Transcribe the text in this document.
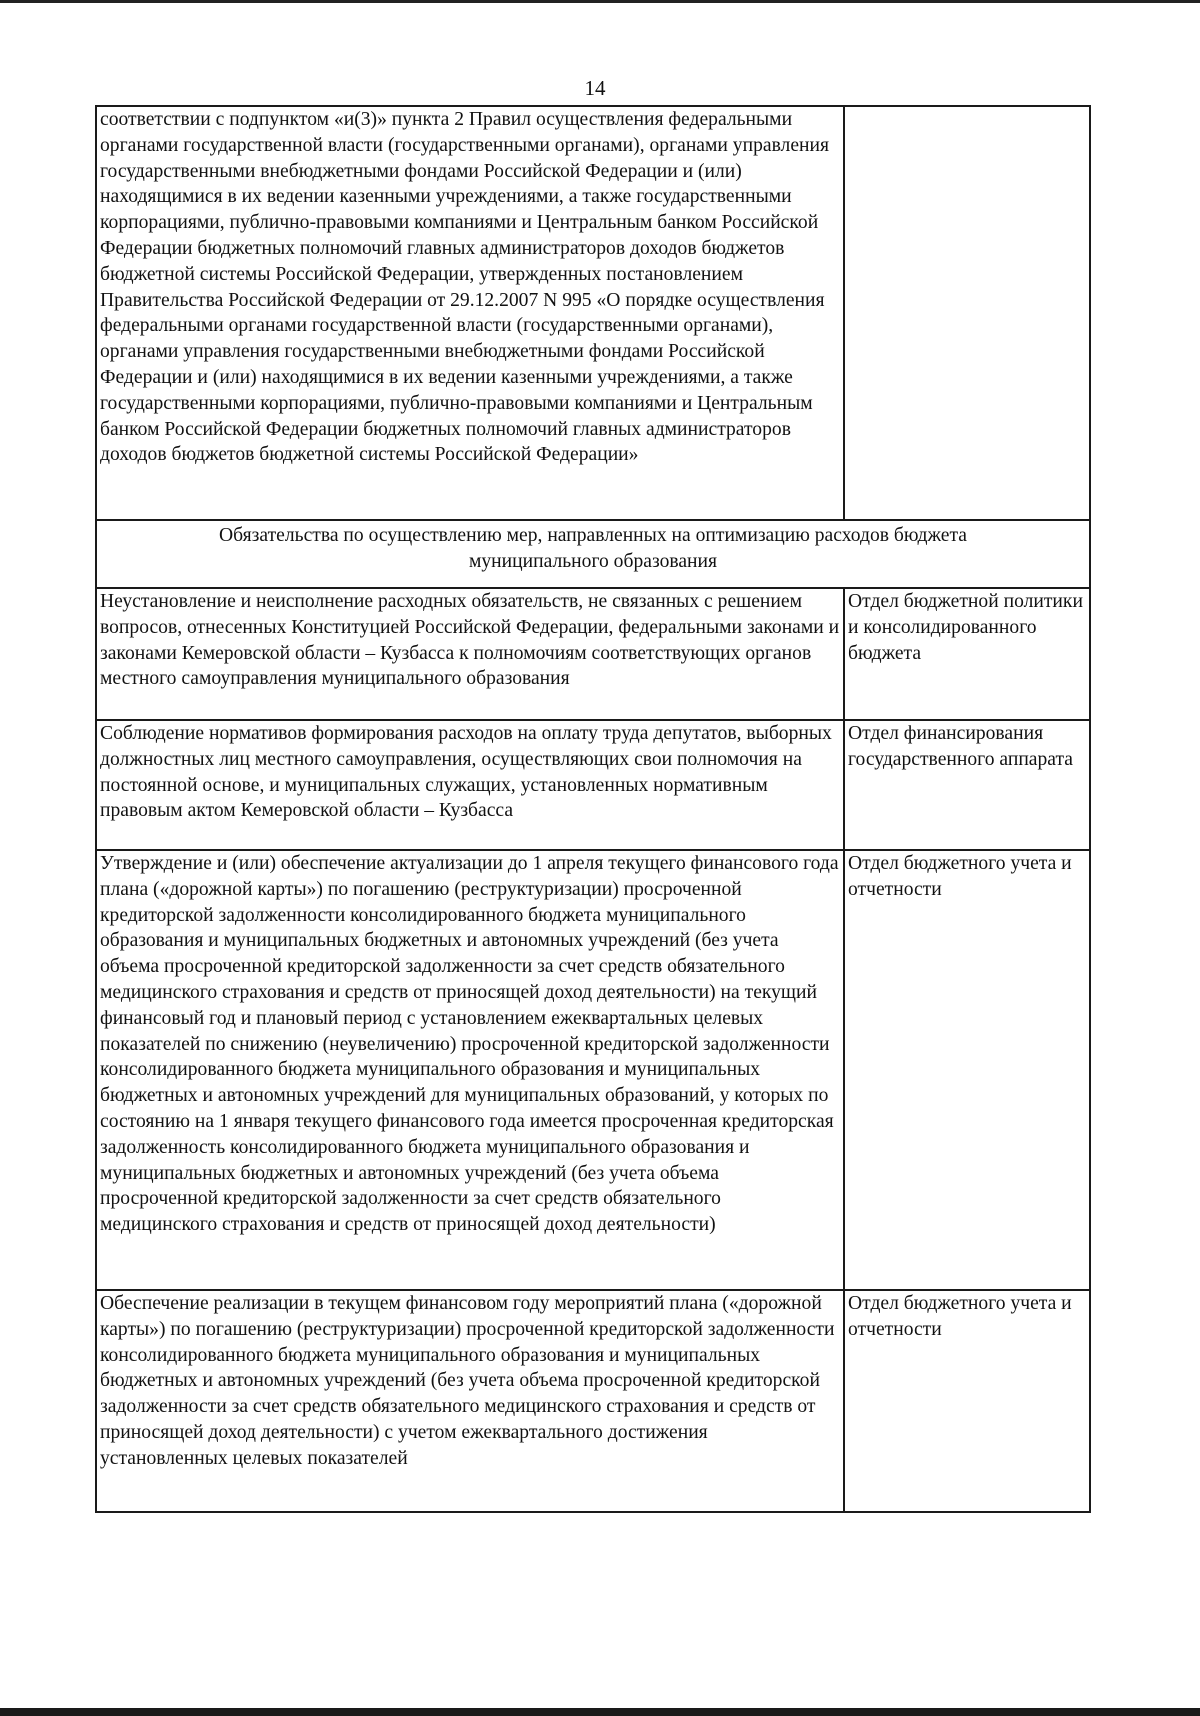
14
соответствии с подпунктом «и(3)» пункта 2 Правил осуществления федеральными органами государственной власти (государственными органами), органами управления государственными внебюджетными фондами Российской Федерации и (или) находящимися в их ведении казенными учреждениями, а также государственными корпорациями, публично-правовыми компаниями и Центральным банком Российской Федерации бюджетных полномочий главных администраторов доходов бюджетов бюджетной системы Российской Федерации, утвержденных постановлением Правительства Российской Федерации от 29.12.2007 N 995 «О порядке осуществления федеральными органами государственной власти (государственными органами), органами управления государственными внебюджетными фондами Российской Федерации и (или) находящимися в их ведении казенными учреждениями, а также государственными корпорациями, публично-правовыми компаниями и Центральным банком Российской Федерации бюджетных полномочий главных администраторов доходов бюджетов бюджетной системы Российской Федерации»	

Обязательства по осуществлению мер, направленных на оптимизацию расходов бюджета муниципального образования	

Неустановление и неисполнение расходных обязательств, не связанных с решением вопросов, отнесенных Конституцией Российской Федерации, федеральными законами и законами Кемеровской области – Кузбасса к полномочиям соответствующих органов местного самоуправления муниципального образования	Отдел бюджетной политики и консолидированного бюджета

Соблюдение нормативов формирования расходов на оплату труда депутатов, выборных должностных лиц местного самоуправления, осуществляющих свои полномочия на постоянной основе, и муниципальных служащих, установленных нормативным правовым актом Кемеровской области – Кузбасса	Отдел финансирования государственного аппарата

Утверждение и (или) обеспечение актуализации до 1 апреля текущего финансового года плана («дорожной карты») по погашению (реструктуризации) просроченной кредиторской задолженности консолидированного бюджета муниципального образования и муниципальных бюджетных и автономных учреждений (без учета объема просроченной кредиторской задолженности за счет средств обязательного медицинского страхования и средств от приносящей доход деятельности) на текущий финансовый год и плановый период с установлением ежеквартальных целевых показателей по снижению (неувеличению) просроченной кредиторской задолженности консолидированного бюджета муниципального образования и муниципальных бюджетных и автономных учреждений для муниципальных образований, у которых по состоянию на 1 января текущего финансового года имеется просроченная кредиторская задолженность консолидированного бюджета муниципального образования и муниципальных бюджетных и автономных учреждений (без учета объема просроченной кредиторской задолженности за счет средств обязательного медицинского страхования и средств от приносящей доход деятельности)	Отдел бюджетного учета и отчетности

Обеспечение реализации в текущем финансовом году мероприятий плана («дорожной карты») по погашению (реструктуризации) просроченной кредиторской задолженности консолидированного бюджета муниципального образования и муниципальных бюджетных и автономных учреждений (без учета объема просроченной кредиторской задолженности за счет средств обязательного медицинского страхования и средств от приносящей доход деятельности) с учетом ежеквартального достижения установленных целевых показателей	Отдел бюджетного учета и отчетности
